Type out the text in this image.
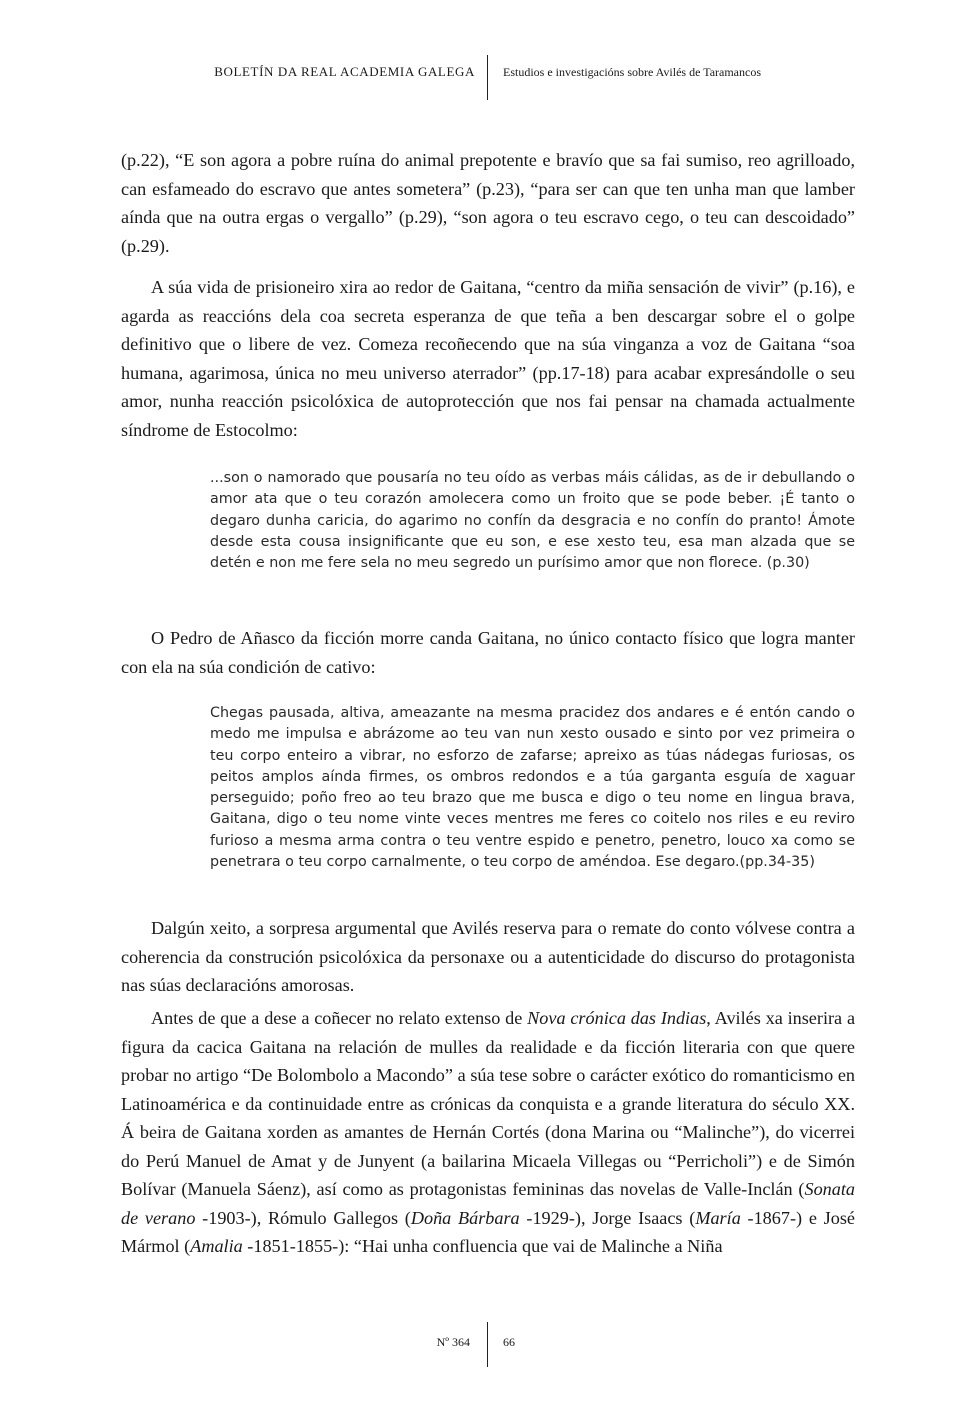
BOLETÍN DA REAL ACADEMIA GALEGA Estudios e investigacións sobre Avilés de Taramancos

(p.22), “E son agora a pobre ruína do animal prepotente e bravío que sa fai sumiso, reo agrilloado, can esfameado do escravo que antes sometera” (p.23), “para ser can que ten unha man que lamber aínda que na outra ergas o vergallo” (p.29), “son agora o teu escravo cego, o teu can descoidado” (p.29).

A súa vida de prisioneiro xira ao redor de Gaitana, “centro da miña sensación de vivir” (p.16), e agarda as reaccións dela coa secreta esperanza de que teña a ben descargar sobre el o golpe definitivo que o libere de vez. Comeza recoñecendo que na súa vinganza a voz de Gaitana “soa humana, agarimosa, única no meu universo aterrador” (pp.17-18) para acabar expresándolle o seu amor, nunha reacción psicolóxica de autoprotección que nos fai pensar na chamada actualmente síndrome de Estocolmo:

...son o namorado que pousaría no teu oído as verbas máis cálidas, as de ir debullando o amor ata que o teu corazón amolecera como un froito que se pode beber. ¡É tanto o degaro dunha caricia, do agarimo no confín da desgracia e no confín do pranto! Ámote desde esta cousa insignificante que eu son, e ese xesto teu, esa man alzada que se detén e non me fere sela no meu segredo un purísimo amor que non florece. (p.30)

O Pedro de Añasco da ficción morre canda Gaitana, no único contacto físico que logra manter con ela na súa condición de cativo:

Chegas pausada, altiva, ameazante na mesma pracidez dos andares e é entón cando o medo me impulsa e abrázome ao teu van nun xesto ousado e sinto por vez primeira o teu corpo enteiro a vibrar, no esforzo de zafarse; apreixo as túas nádegas furiosas, os peitos amplos aínda firmes, os ombros redondos e a túa garganta esguía de xaguar perseguido; poño freo ao teu brazo que me busca e digo o teu nome en lingua brava, Gaitana, digo o teu nome vinte veces mentres me feres co coitelo nos riles e eu revirо furioso a mesma arma contra o teu ventre espido e penetro, penetro, louco xa como se penetrara o teu corpo carnalmente, o teu corpo de améndoa. Ese degaro.(pp.34-35)

Dalgún xeito, a sorpresa argumental que Avilés reserva para o remate do conto vólvese contra a coherencia da construción psicolóxica da personaxe ou a autenticidade do discurso do protagonista nas súas declaracións amorosas.

Antes de que a dese a coñecer no relato extenso de Nova crónica das Indias, Avilés xa inserira a figura da cacica Gaitana na relación de mulles da realidade e da ficción literaria con que quere probar no artigo “De Bolombolo a Macondo” a súa tese sobre o carácter exótico do romanticismo en Latinoamérica e da continuidade entre as crónicas da conquista e a grande literatura do século XX. Á beira de Gaitana xorden as amantes de Hernán Cortés (dona Marina ou “Malinche”), do vicerrei do Perú Manuel de Amat y de Junyent (a bailarina Micaela Villegas ou “Perricholi”) e de Simón Bolívar (Manuela Sáenz), así como as protagonistas femininas das novelas de Valle-Inclán (Sonata de verano -1903-), Rómulo Gallegos (Doña Bárbara -1929-), Jorge Isaacs (María -1867-) e José Mármol (Amalia -1851-1855-): “Hai unha confluencia que vai de Malinche a Niña

Nº 364	66
